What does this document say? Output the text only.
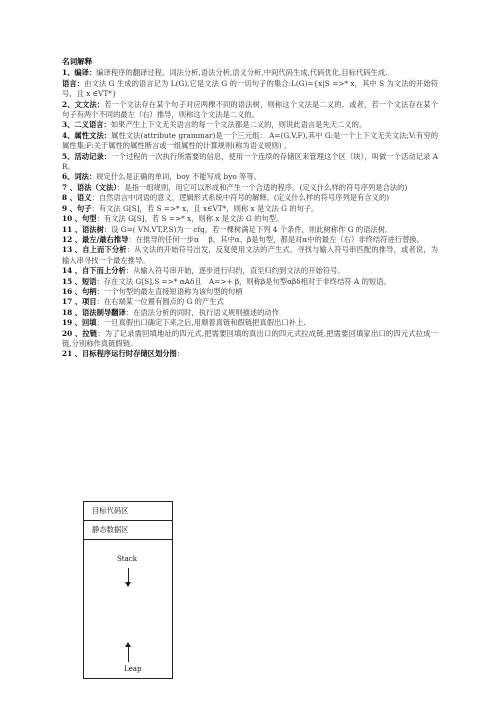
名词解释

1、编译：编译程序的翻译过程。词法分析,语法分析,语义分析,中间代码生成,代码优化,目标代码生成.

语言：由文法 G 生成的语言记为 L(G),它是文法 G 的一切句子的集合:L(G)={x|S =>* x，其中 S 为文法的开始符号，且 x ∈VT*}

2、文文法：若一个文法存在某个句子对应两棵不同的语法树，则称这个文法是二义的。或者，若一个文法存在某个句子有两个不同的最左（右）推导，则称这个文法是二义的。

3、二义语言：如果产生上下文无关语言的每一个文法都是二义的，则说此语言是先天二义的。

4、属性文法：属性文法(attribute grammar)是一个三元组： A=(G,V,F),其中 G:是一个上下文无关文法;V:有穷的属性集;F:关于属性的属性断言或一组属性的计算规则(称为语义规则) 。

5、活动记录：一个过程的一次执行所需要的信息，使用一个连续的存储区来管理这个区（块），叫做一个活动记录 AR。

6、词法：规定什么是正确的单词，boy 不能写成 byo 等等。

7 、语法（文法）：是指一组规则，用它可以形成和产生一个合适的程序。(定义什么样的符号序列是合法的)

8 、语义：自然语言中词语的意义，逻辑形式系统中符号的解释。(定义什么样的符号序列是有含义的)

9 、句子：有文法 G[S]，若 S =>* x，且 x∈VT*，则称 x 是文法 G 的句子。

10 、句型：有文法 G[S]，若 S =>* x，则称 x 是文法 G 的句型。

11 、语法树：设 G=( VN,VT,P,S)为一 cfg，若一棵树满足下列 4 个条件，则此树称作 G 的语法树。

12 、最左/最右推导：在推导的任何一步α　 β，其中α、β是句型，都是对α中的最左（右）非终结符进行替换。

13 、自上而下分析：从文法的开始符号出发，反复使用文法的产生式，寻找与输入符号串匹配的推导，或者说，为输入串寻找一个最左推导。

14 、自下而上分析：从输入符号串开始，逐步进行归约，直至归约到文法的开始符号。

15 、短语：存在文法 G[S],S =>* αAδ且　A=>+ β，则称β是句型αβδ相对于非终结符 A 的短语。

16 、句柄：一个句型的最左直接短语称为该句型的句柄

17 、项目：在右端某一位置有圆点的 G 的产生式

18 、语法制导翻译：在语法分析的同时，执行语义规则描述的动作

19 、回填：一旦真假出口确定下来之后,用顺着真链和假链把真假出口补上.

20 、拉链：为了记录需回填地址的四元式,把需要回填的真出口的四元式拉成链,把需要回填家出口的四元式拉成一链,分别称作真链假链。

21 、目标程序运行时存储区划分图：

目标代码区
静态数据区
Stack
Leap
